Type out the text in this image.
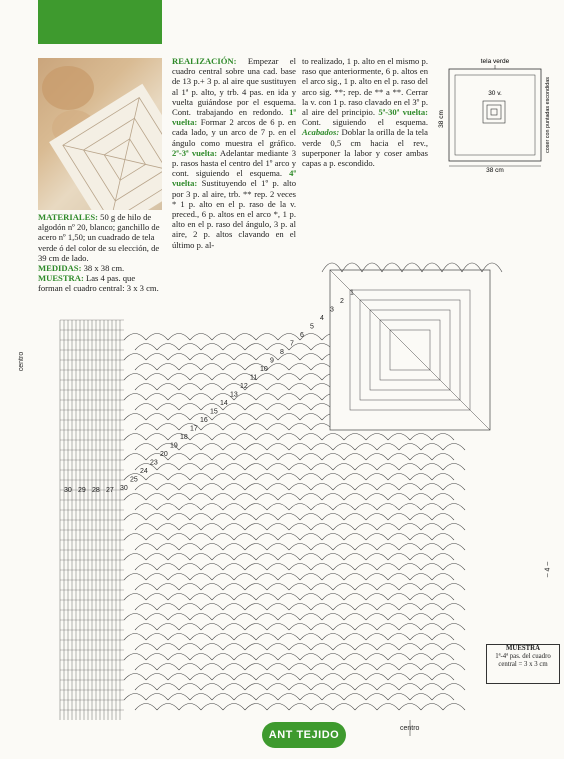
MATERIALES: 50 g de hilo de algodón nº 20, blanco; ganchillo de acero nº 1,50; un cuadrado de tela verde ó del color de su elección, de 39 cm de lado.

MEDIDAS: 38 x 38 cm.

MUESTRA: Las 4 pas. que forman el cuadro central: 3 x 3 cm.

REALIZACIÓN: Empezar el cuadro central sobre una cad. base de 13 p.+ 3 p. al aire que sustituyen al 1ª p. alto, y trb. 4 pas. en ida y vuelta guiándose por el esquema. Cont. trabajando en redondo. 1ª vuelta: Formar 2 arcos de 6 p. en cada lado, y un arco de 7 p. en el ángulo como muestra el gráfico. 2ª-3ª vuelta: Adelantar mediante 3 p. rasos hasta el centro del 1º arco y cont. siguiendo el esquema. 4ª vuelta: Sustituyendo el 1º p. alto por 3 p. al aire, trb. ** rep. 2 veces * 1 p. alto en el p. raso de la v. preced., 6 p. altos en el arco *, 1 p. alto en el p. raso del ángulo, 3 p. al aire, 2 p. altos clavando en el último p. al-

to realizado, 1 p. alto en el mismo p. raso que anteriormente, 6 p. altos en el arco sig., 1 p. alto en el p. raso del arco sig. **; rep. de ** a **. Cerrar la v. con 1 p. raso clavado en el 3º p. al aire del principio. 5ª-30ª vuelta: Cont. siguiendo el esquema. Acabados: Doblar la orilla de la tela verde 0,5 cm hacia el rev., superponer la labor y coser ambas capas a p. escondido.

tela verde
30 v.
38 cm
38 cm
coser con puntadas escondidas
30
25
24
23
20
19
18
17
16
15
14
13
12
11
10
9
8
7
6
5
4
3
2
1
30 29 28 27
centro
centro
– 4 –
MUESTRA
1ª-4ª pas. del cuadro
central = 3 x 3 cm
ANT TEJIDO
